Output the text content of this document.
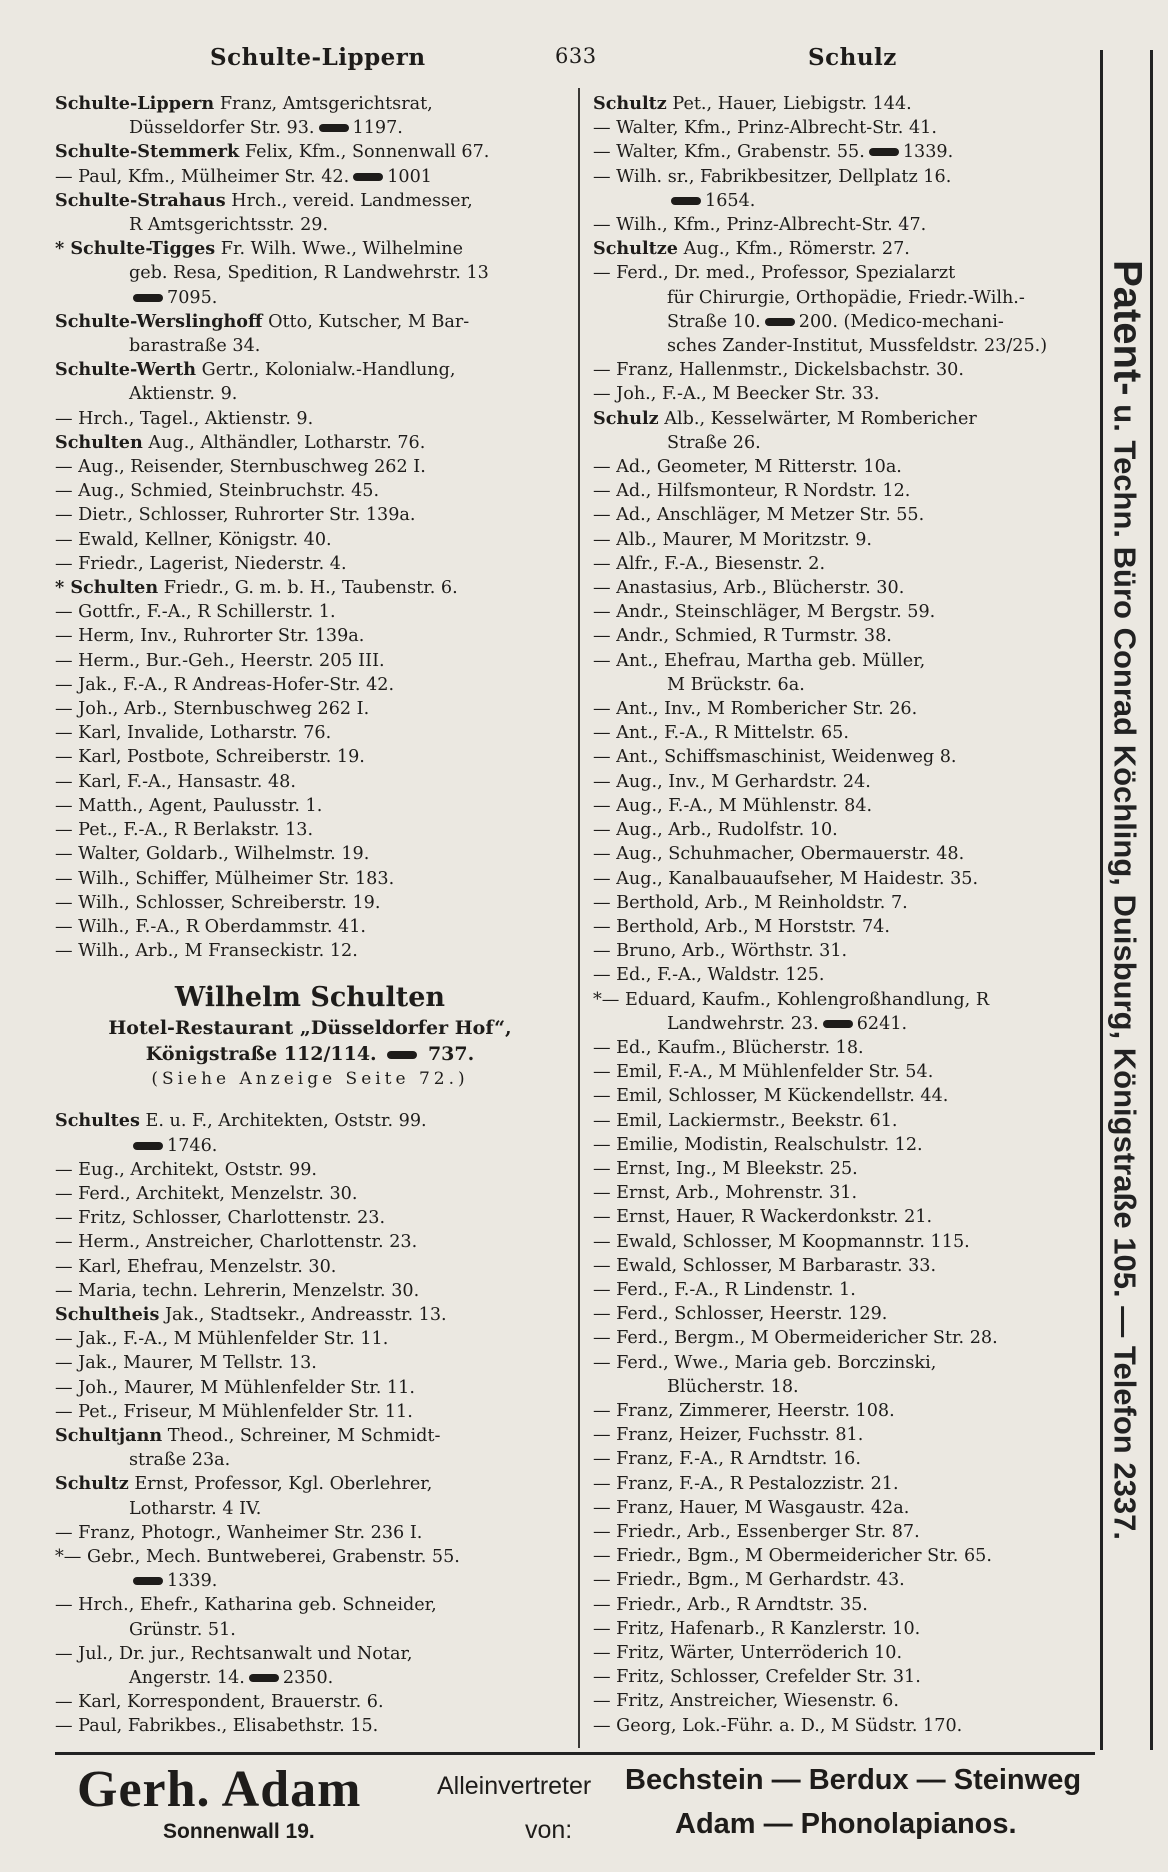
Schulte-Lippern	633	Schulz
Schulte-Lippern Franz, Amtsgerichtsrat,
Düsseldorfer Str. 93. 1197.
Schulte-Stemmerk Felix, Kfm., Sonnenwall 67.
— Paul, Kfm., Mülheimer Str. 42. 1001
Schulte-Strahaus Hrch., vereid. Landmesser,
R Amtsgerichtsstr. 29.
* Schulte-Tigges Fr. Wilh. Wwe., Wilhelmine
geb. Resa, Spedition, R Landwehrstr. 13
7095.
Schulte-Werslinghoff Otto, Kutscher, M Bar-
barastraße 34.
Schulte-Werth Gertr., Kolonialw.-Handlung,
Aktienstr. 9.
— Hrch., Tagel., Aktienstr. 9.
Schulten Aug., Althändler, Lotharstr. 76.
— Aug., Reisender, Sternbuschweg 262 I.
— Aug., Schmied, Steinbruchstr. 45.
— Dietr., Schlosser, Ruhrorter Str. 139a.
— Ewald, Kellner, Königstr. 40.
— Friedr., Lagerist, Niederstr. 4.
* Schulten Friedr., G. m. b. H., Taubenstr. 6.
— Gottfr., F.-A., R Schillerstr. 1.
— Herm, Inv., Ruhrorter Str. 139a.
— Herm., Bur.-Geh., Heerstr. 205 III.
— Jak., F.-A., R Andreas-Hofer-Str. 42.
— Joh., Arb., Sternbuschweg 262 I.
— Karl, Invalide, Lotharstr. 76.
— Karl, Postbote, Schreiberstr. 19.
— Karl, F.-A., Hansastr. 48.
— Matth., Agent, Paulusstr. 1.
— Pet., F.-A., R Berlakstr. 13.
— Walter, Goldarb., Wilhelmstr. 19.
— Wilh., Schiffer, Mülheimer Str. 183.
— Wilh., Schlosser, Schreiberstr. 19.
— Wilh., F.-A., R Oberdammstr. 41.
— Wilh., Arb., M Franseckistr. 12.
Wilhelm Schulten
Hotel-Restaurant „Düsseldorfer Hof“,
Königstraße 112/114.	737.
(Siehe Anzeige Seite 72.)
Schultes E. u. F., Architekten, Oststr. 99.
1746.
— Eug., Architekt, Oststr. 99.
— Ferd., Architekt, Menzelstr. 30.
— Fritz, Schlosser, Charlottenstr. 23.
— Herm., Anstreicher, Charlottenstr. 23.
— Karl, Ehefrau, Menzelstr. 30.
— Maria, techn. Lehrerin, Menzelstr. 30.
Schultheis Jak., Stadtsekr., Andreasstr. 13.
— Jak., F.-A., M Mühlenfelder Str. 11.
— Jak., Maurer, M Tellstr. 13.
— Joh., Maurer, M Mühlenfelder Str. 11.
— Pet., Friseur, M Mühlenfelder Str. 11.
Schultjann Theod., Schreiner, M Schmidt-
straße 23a.
Schultz Ernst, Professor, Kgl. Oberlehrer,
Lotharstr. 4 IV.
— Franz, Photogr., Wanheimer Str. 236 I.
*— Gebr., Mech. Buntweberei, Grabenstr. 55.
1339.
— Hrch., Ehefr., Katharina geb. Schneider,
Grünstr. 51.
— Jul., Dr. jur., Rechtsanwalt und Notar,
Angerstr. 14. 2350.
— Karl, Korrespondent, Brauerstr. 6.
— Paul, Fabrikbes., Elisabethstr. 15.
Schultz Pet., Hauer, Liebigstr. 144.
— Walter, Kfm., Prinz-Albrecht-Str. 41.
— Walter, Kfm., Grabenstr. 55. 1339.
— Wilh. sr., Fabrikbesitzer, Dellplatz 16.
1654.
— Wilh., Kfm., Prinz-Albrecht-Str. 47.
Schultze Aug., Kfm., Römerstr. 27.
— Ferd., Dr. med., Professor, Spezialarzt
für Chirurgie, Orthopädie, Friedr.-Wilh.-
Straße 10. 200. (Medico-mechani-
sches Zander-Institut, Mussfeldstr. 23/25.)
— Franz, Hallenmstr., Dickelsbachstr. 30.
— Joh., F.-A., M Beecker Str. 33.
Schulz Alb., Kesselwärter, M Rombericher
Straße 26.
— Ad., Geometer, M Ritterstr. 10a.
— Ad., Hilfsmonteur, R Nordstr. 12.
— Ad., Anschläger, M Metzer Str. 55.
— Alb., Maurer, M Moritzstr. 9.
— Alfr., F.-A., Biesenstr. 2.
— Anastasius, Arb., Blücherstr. 30.
— Andr., Steinschläger, M Bergstr. 59.
— Andr., Schmied, R Turmstr. 38.
— Ant., Ehefrau, Martha geb. Müller,
M Brückstr. 6a.
— Ant., Inv., M Rombericher Str. 26.
— Ant., F.-A., R Mittelstr. 65.
— Ant., Schiffsmaschinist, Weidenweg 8.
— Aug., Inv., M Gerhardstr. 24.
— Aug., F.-A., M Mühlenstr. 84.
— Aug., Arb., Rudolfstr. 10.
— Aug., Schuhmacher, Obermauerstr. 48.
— Aug., Kanalbauaufseher, M Haidestr. 35.
— Berthold, Arb., M Reinholdstr. 7.
— Berthold, Arb., M Horststr. 74.
— Bruno, Arb., Wörthstr. 31.
— Ed., F.-A., Waldstr. 125.
*— Eduard, Kaufm., Kohlengroßhandlung, R
Landwehrstr. 23. 6241.
— Ed., Kaufm., Blücherstr. 18.
— Emil, F.-A., M Mühlenfelder Str. 54.
— Emil, Schlosser, M Kückendellstr. 44.
— Emil, Lackiermstr., Beekstr. 61.
— Emilie, Modistin, Realschulstr. 12.
— Ernst, Ing., M Bleekstr. 25.
— Ernst, Arb., Mohrenstr. 31.
— Ernst, Hauer, R Wackerdonkstr. 21.
— Ewald, Schlosser, M Koopmannstr. 115.
— Ewald, Schlosser, M Barbarastr. 33.
— Ferd., F.-A., R Lindenstr. 1.
— Ferd., Schlosser, Heerstr. 129.
— Ferd., Bergm., M Obermeidericher Str. 28.
— Ferd., Wwe., Maria geb. Borczinski,
Blücherstr. 18.
— Franz, Zimmerer, Heerstr. 108.
— Franz, Heizer, Fuchsstr. 81.
— Franz, F.-A., R Arndtstr. 16.
— Franz, F.-A., R Pestalozzistr. 21.
— Franz, Hauer, M Wasgaustr. 42a.
— Friedr., Arb., Essenberger Str. 87.
— Friedr., Bgm., M Obermeidericher Str. 65.
— Friedr., Bgm., M Gerhardstr. 43.
— Friedr., Arb., R Arndtstr. 35.
— Fritz, Hafenarb., R Kanzlerstr. 10.
— Fritz, Wärter, Unterröderich 10.
— Fritz, Schlosser, Crefelder Str. 31.
— Fritz, Anstreicher, Wiesenstr. 6.
— Georg, Lok.-Führ. a. D., M Südstr. 170.
Patent- u. Techn. Büro Conrad Köchling, Duisburg, Königstraße 105. — Telefon 2337.
Gerh. Adam
Sonnenwall 19.
Alleinvertreter
von:
Bechstein — Berdux — Steinweg
Adam — Phonolapianos.
